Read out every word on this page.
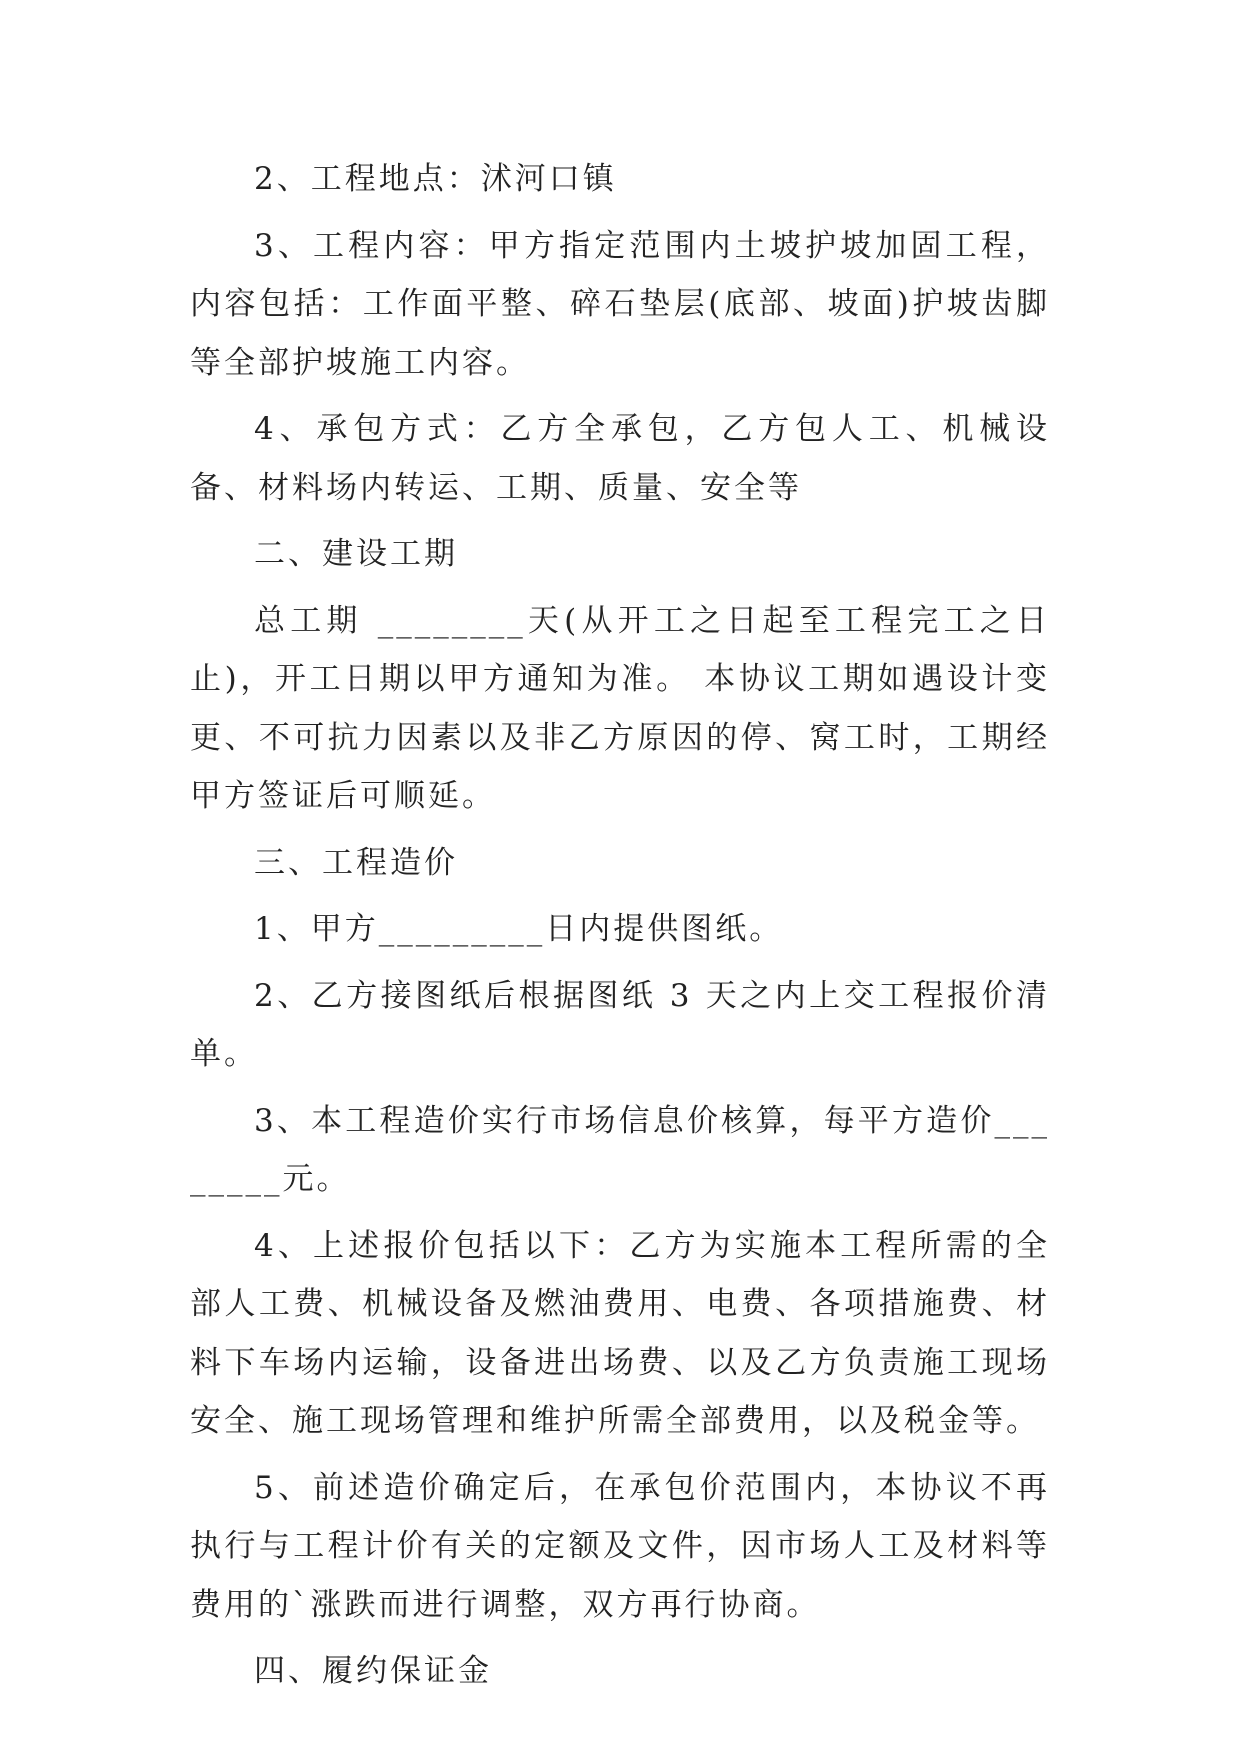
2、工程地点：沭河口镇

3、工程内容：甲方指定范围内土坡护坡加固工程，内容包括：工作面平整、碎石垫层(底部、坡面)护坡齿脚等全部护坡施工内容。

4、承包方式：乙方全承包，乙方包人工、机械设备、材料场内转运、工期、质量、安全等

二、建设工期

总工期 ________天(从开工之日起至工程完工之日止)，开工日期以甲方通知为准。 本协议工期如遇设计变更、不可抗力因素以及非乙方原因的停、窝工时，工期经甲方签证后可顺延。

三、工程造价

1、甲方_________日内提供图纸。

2、乙方接图纸后根据图纸 3 天之内上交工程报价清单。

3、本工程造价实行市场信息价核算，每平方造价________元。

4、上述报价包括以下：乙方为实施本工程所需的全部人工费、机械设备及燃油费用、电费、各项措施费、材料下车场内运输，设备进出场费、以及乙方负责施工现场安全、施工现场管理和维护所需全部费用，以及税金等。

5、前述造价确定后，在承包价范围内，本协议不再执行与工程计价有关的定额及文件，因市场人工及材料等费用的`涨跌而进行调整，双方再行协商。

四、履约保证金
